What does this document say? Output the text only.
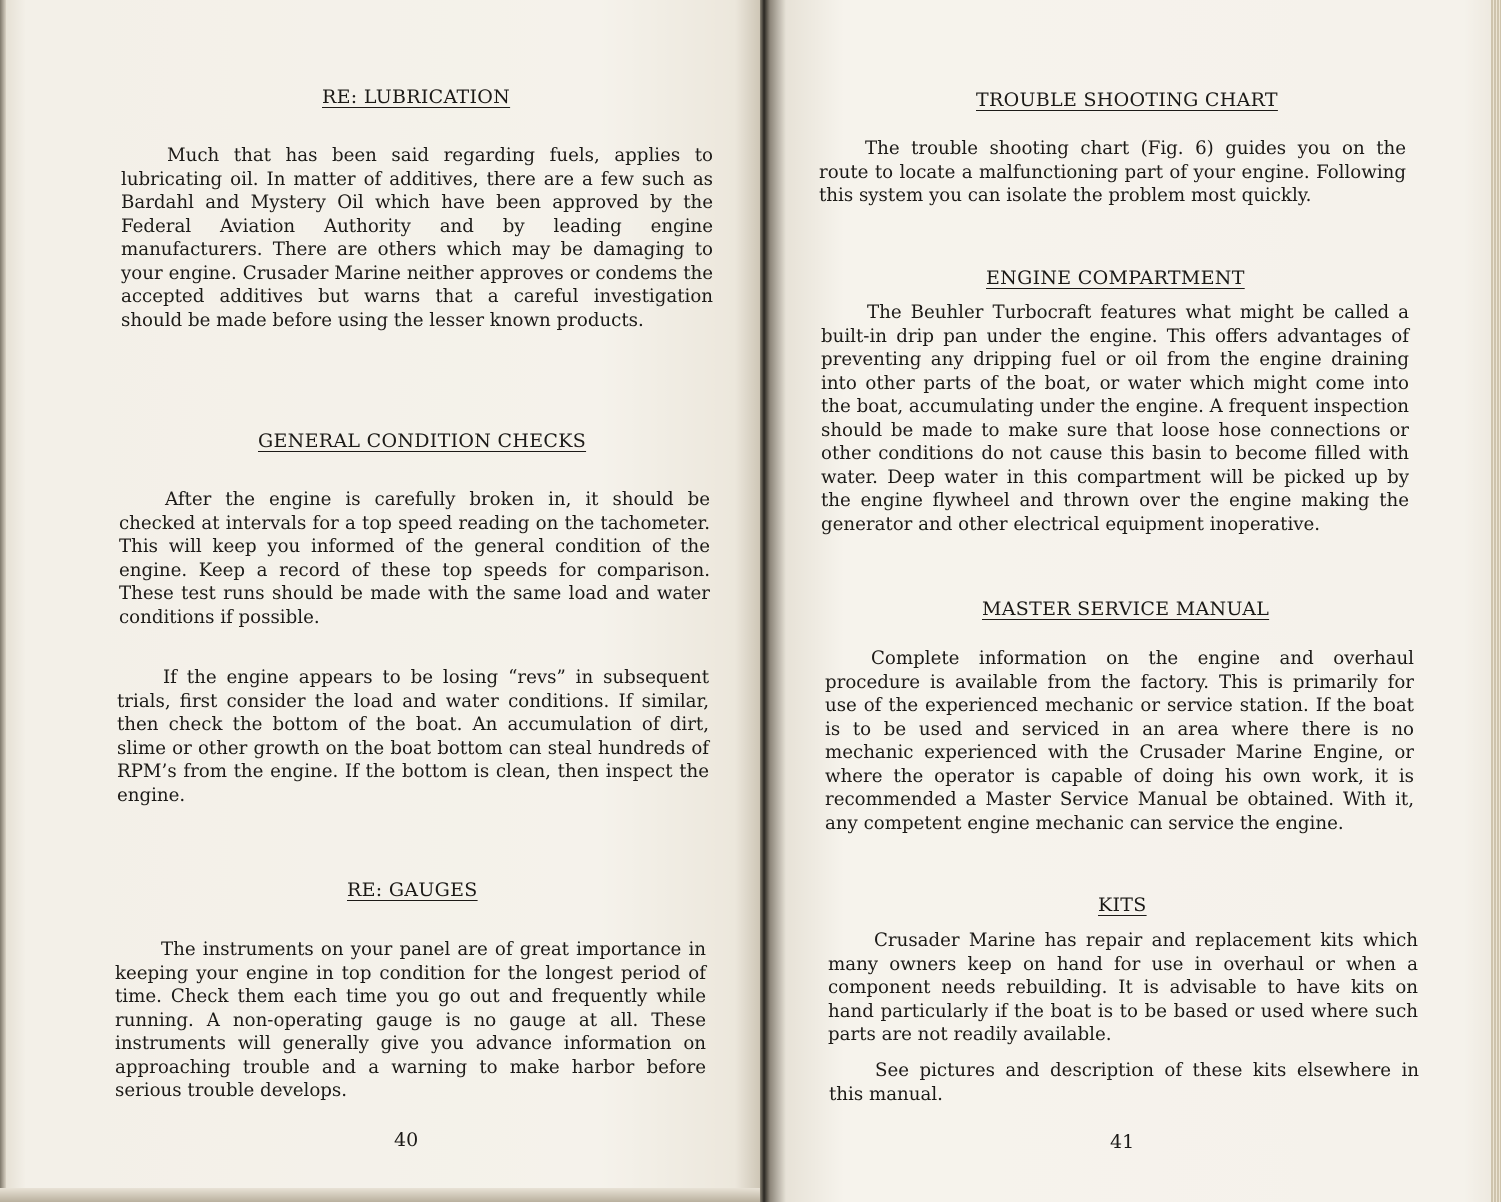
RE: LUBRICATION

Much that has been said regarding fuels, applies to lubricating oil. In matter of additives, there are a few such as Bardahl and Mystery Oil which have been approved by the Federal Aviation Authority and by leading engine manufacturers. There are others which may be damaging to your engine. Crusader Marine neither approves or condems the accepted additives but warns that a careful investigation should be made before using the lesser known products.

GENERAL CONDITION CHECKS

After the engine is carefully broken in, it should be checked at intervals for a top speed reading on the tachometer. This will keep you informed of the general condition of the engine. Keep a record of these top speeds for comparison. These test runs should be made with the same load and water conditions if possible.

If the engine appears to be losing “revs” in subsequent trials, first consider the load and water conditions. If similar, then check the bottom of the boat. An accumulation of dirt, slime or other growth on the boat bottom can steal hundreds of RPM’s from the engine. If the bottom is clean, then inspect the engine.

RE: GAUGES

The instruments on your panel are of great importance in keeping your engine in top condition for the longest period of time. Check them each time you go out and frequently while running. A non-operating gauge is no gauge at all. These instruments will generally give you advance information on approaching trouble and a warning to make harbor before serious trouble develops.

40

TROUBLE SHOOTING CHART

The trouble shooting chart (Fig. 6) guides you on the route to locate a malfunctioning part of your engine. Following this system you can isolate the problem most quickly.

ENGINE COMPARTMENT

The Beuhler Turbocraft features what might be called a built-in drip pan under the engine. This offers advantages of preventing any dripping fuel or oil from the engine draining into other parts of the boat, or water which might come into the boat, accumulating under the engine. A frequent inspection should be made to make sure that loose hose connections or other conditions do not cause this basin to become filled with water. Deep water in this compartment will be picked up by the engine flywheel and thrown over the engine making the generator and other electrical equipment inoperative.

MASTER SERVICE MANUAL

Complete information on the engine and overhaul procedure is available from the factory. This is primarily for use of the experienced mechanic or service station. If the boat is to be used and serviced in an area where there is no mechanic experienced with the Crusader Marine Engine, or where the operator is capable of doing his own work, it is recommended a Master Service Manual be obtained. With it, any competent engine mechanic can service the engine.

KITS

Crusader Marine has repair and replacement kits which many owners keep on hand for use in overhaul or when a component needs rebuilding. It is advisable to have kits on hand particularly if the boat is to be based or used where such parts are not readily available.

See pictures and description of these kits elsewhere in this manual.

41
